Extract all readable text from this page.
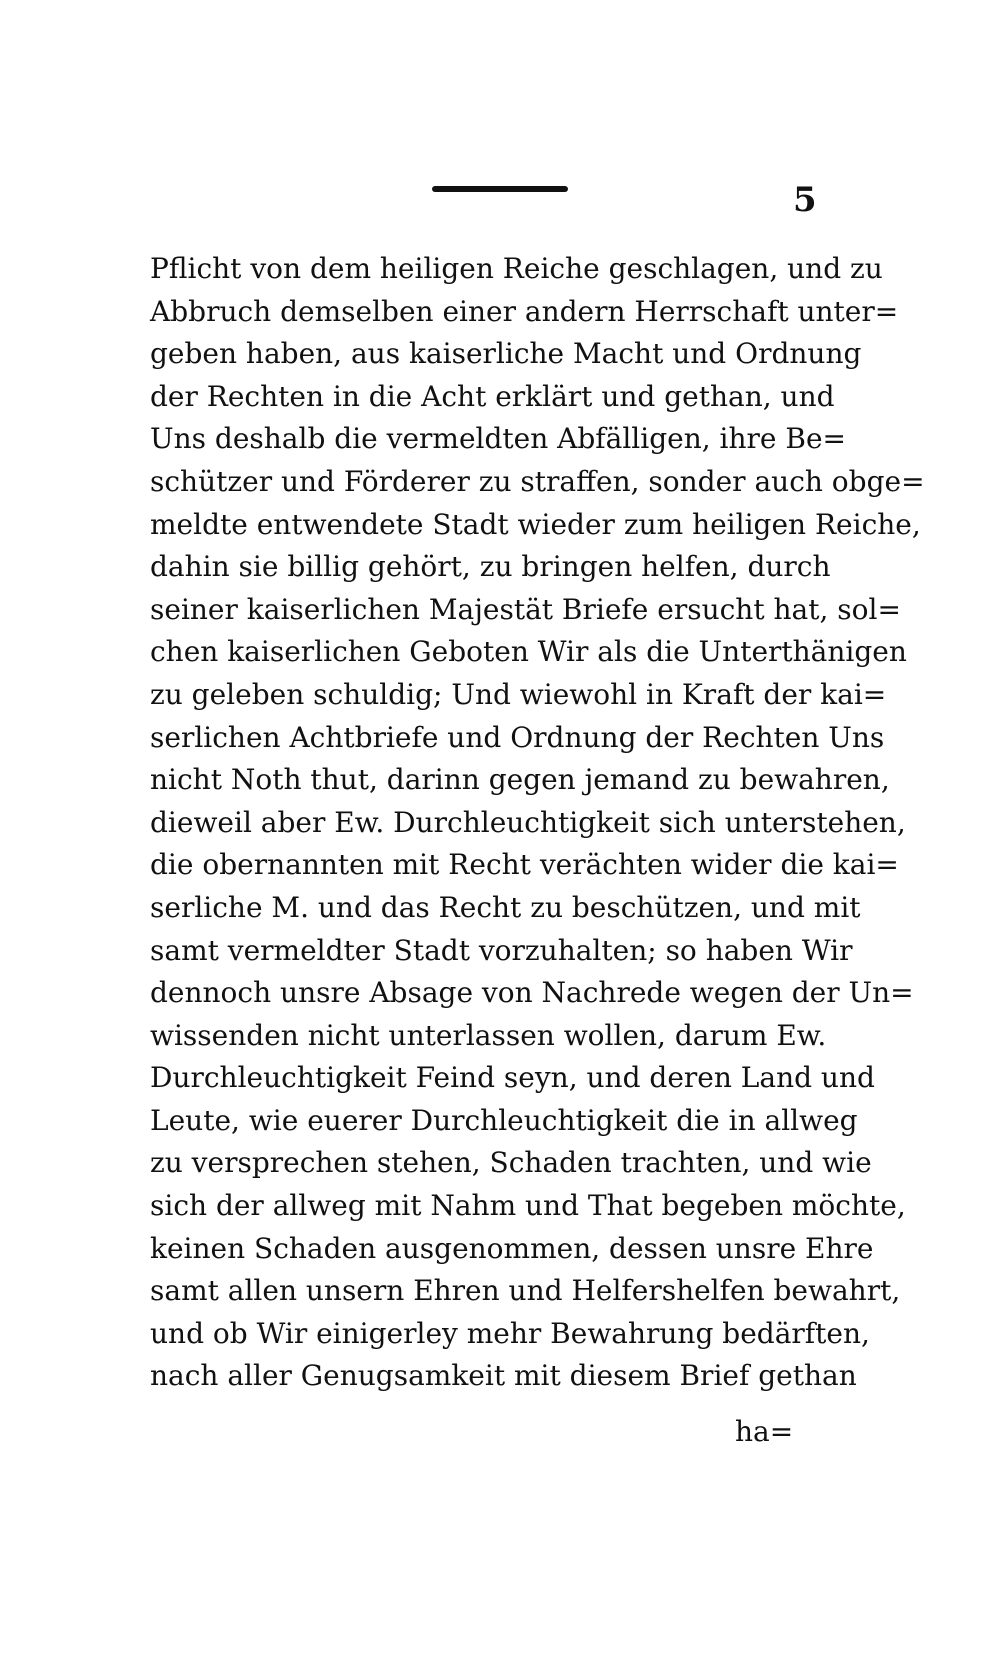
5
Pflicht von dem heiligen Reiche geschlagen, und zu
Abbruch demselben einer andern Herrschaft unter=
geben haben, aus kaiserliche Macht und Ordnung
der Rechten in die Acht erklärt und gethan, und
Uns deshalb die vermeldten Abfälligen, ihre Be=
schützer und Förderer zu straffen, sonder auch obge=
meldte entwendete Stadt wieder zum heiligen Reiche,
dahin sie billig gehört, zu bringen helfen, durch
seiner kaiserlichen Majestät Briefe ersucht hat, sol=
chen kaiserlichen Geboten Wir als die Unterthänigen
zu geleben schuldig; Und wiewohl in Kraft der kai=
serlichen Achtbriefe und Ordnung der Rechten Uns
nicht Noth thut, darinn gegen jemand zu bewahren,
dieweil aber Ew. Durchleuchtigkeit sich unterstehen,
die obernannten mit Recht verächten wider die kai=
serliche M. und das Recht zu beschützen, und mit
samt vermeldter Stadt vorzuhalten; so haben Wir
dennoch unsre Absage von Nachrede wegen der Un=
wissenden nicht unterlassen wollen, darum Ew.
Durchleuchtigkeit Feind seyn, und deren Land und
Leute, wie euerer Durchleuchtigkeit die in allweg
zu versprechen stehen, Schaden trachten, und wie
sich der allweg mit Nahm und That begeben möchte,
keinen Schaden ausgenommen, dessen unsre Ehre
samt allen unsern Ehren und Helfershelfen bewahrt,
und ob Wir einigerley mehr Bewahrung bedärften,
nach aller Genugsamkeit mit diesem Brief gethan
ha=
